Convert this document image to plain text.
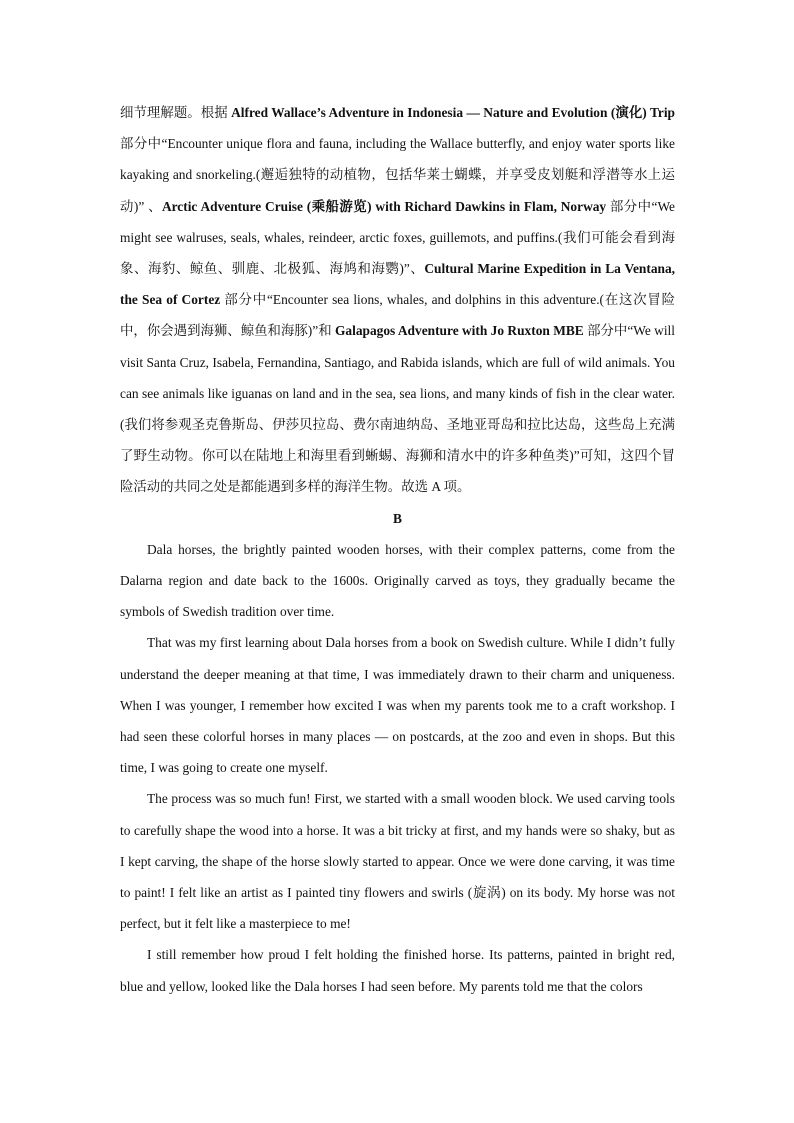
细节理解题。根据 Alfred Wallace’s Adventure in Indonesia — Nature and Evolution (演化) Trip 部分中“Encounter unique flora and fauna, including the Wallace butterfly, and enjoy water sports like kayaking and snorkeling.(邂逅独特的动植物，包括华莱士蝴蝶，并享受皮划艇和浮潜等水上运动)” 、Arctic Adventure Cruise (乘船游览) with Richard Dawkins in Flam, Norway 部分中“We might see walruses, seals, whales, reindeer, arctic foxes, guillemots, and puffins.(我们可能会看到海象、海豹、鲸鱼、驯鹿、北极狐、海鸠和海鹦)”、Cultural Marine Expedition in La Ventana, the Sea of Cortez 部分中“Encounter sea lions, whales, and dolphins in this adventure.(在这次冒险中，你会遇到海狮、鲸鱼和海豚)”和 Galapagos Adventure with Jo Ruxton MBE 部分中“We will visit Santa Cruz, Isabela, Fernandina, Santiago, and Rabida islands, which are full of wild animals. You can see animals like iguanas on land and in the sea, sea lions, and many kinds of fish in the clear water.(我们将参观圣克鲁斯岛、伊莎贝拉岛、费尔南迪纳岛、圣地亚哥岛和拉比达岛，这些岛上充满了野生动物。你可以在陆地上和海里看到蜥蜴、海狮和清水中的许多种鱼类)”可知，这四个冒险活动的共同之处是都能遇到多样的海洋生物。故选 A 项。

B

Dala horses, the brightly painted wooden horses, with their complex patterns, come from the Dalarna region and date back to the 1600s. Originally carved as toys, they gradually became the symbols of Swedish tradition over time.

That was my first learning about Dala horses from a book on Swedish culture. While I didn’t fully understand the deeper meaning at that time, I was immediately drawn to their charm and uniqueness. When I was younger, I remember how excited I was when my parents took me to a craft workshop. I had seen these colorful horses in many places — on postcards, at the zoo and even in shops. But this time, I was going to create one myself.

The process was so much fun! First, we started with a small wooden block. We used carving tools to carefully shape the wood into a horse. It was a bit tricky at first, and my hands were so shaky, but as I kept carving, the shape of the horse slowly started to appear. Once we were done carving, it was time to paint! I felt like an artist as I painted tiny flowers and swirls (旋涡) on its body. My horse was not perfect, but it felt like a masterpiece to me!

I still remember how proud I felt holding the finished horse. Its patterns, painted in bright red, blue and yellow, looked like the Dala horses I had seen before. My parents told me that the colors
